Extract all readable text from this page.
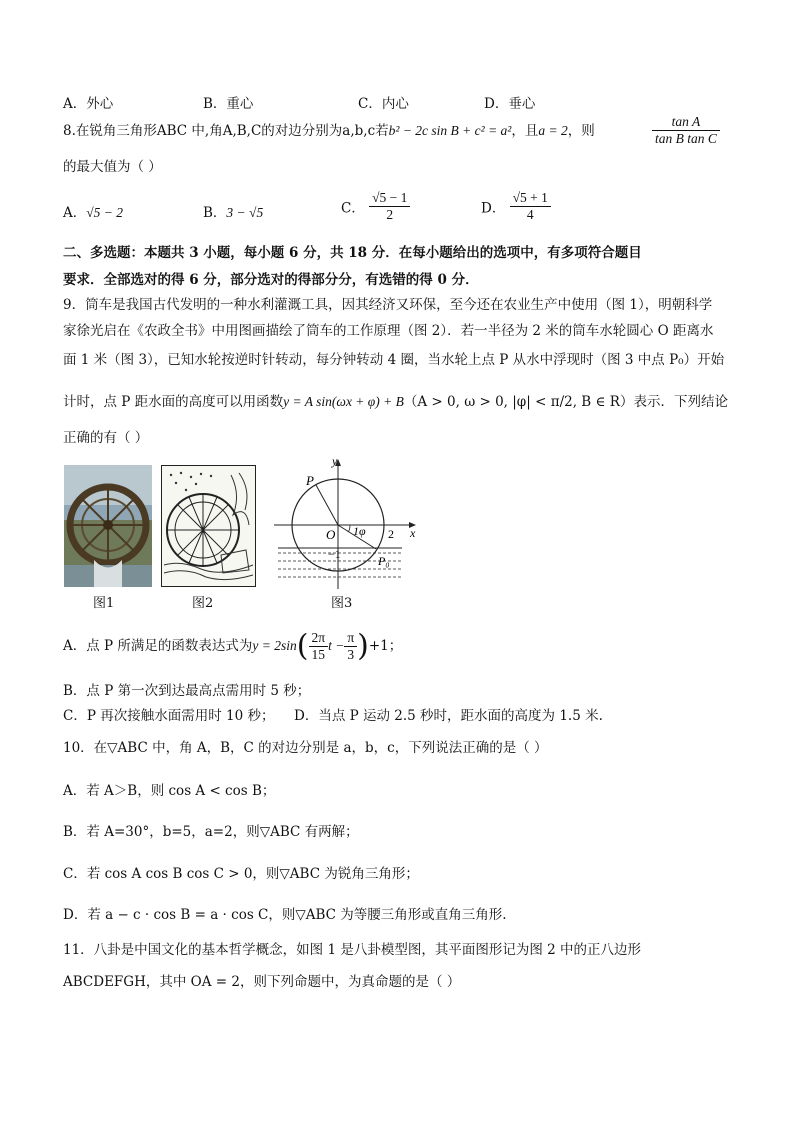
A．外心	B．重心	C．内心	D．垂心
8.在锐角三角形ABC 中,角A,B,C的对边分别为a,b,c若b² − 2c sin B + c² = a²，且a = 2，则	$\frac{\text{tan A}}{\text{tan B tan C}}$
的最大值为（ ）
A．√5 − 2	B．3 − √5	C． $\frac{√5 - 1}{2}$	D． $\frac{√5 + 1}{4}$
二、多选题：本题共 3 小题，每小题 6 分，共 18 分．在每小题给出的选项中，有多项符合题目
要求．全部选对的得 6 分，部分选对的得部分分，有选错的得 0 分．
9．筒车是我国古代发明的一种水利灌溉工具，因其经济又环保，至今还在农业生产中使用（图 1），明朝科学
家徐光启在《农政全书》中用图画描绘了筒车的工作原理（图 2）．若一半径为 2 米的筒车水轮圆心 O 距离水
面 1 米（图 3），已知水轮按逆时针转动，每分钟转动 4 圈，当水轮上点 P 从水中浮现时（图 3 中点 P₀）开始
计时，点 P 距水面的高度可以用函数y = A sin(ωx + φ) + B（A > 0, ω > 0, |φ| < π/2, B ∈ R）表示．下列结论
正确的有（ ）
图1	图2
y
x
P
O 1φ 2
−1	P₀
图3
A．点 P 所满足的函数表达式为$y = 2\sin( \frac{2\pi}{15}$ $t - \frac{\pi}{3} )+1$；
B．点 P 第一次到达最高点需用时 5 秒；
C．P 再次接触水面需用时 10 秒； D．当点 P 运动 2.5 秒时，距水面的高度为 1.5 米.
10．在▽ABC 中，角 A，B，C 的对边分别是 a，b，c，下列说法正确的是（ ）
A．若 A＞B，则 cos A < cos B；
B．若 A=30°，b=5，a=2，则▽ABC 有两解；
C．若 cos A cos B cos C > 0，则▽ABC 为锐角三角形；
D．若 a − c · cos B = a · cos C，则▽ABC 为等腰三角形或直角三角形.
11．八卦是中国文化的基本哲学概念，如图 1 是八卦模型图，其平面图形记为图 2 中的正八边形
ABCDEFGH，其中 OA = 2，则下列命题中，为真命题的是（ ）
